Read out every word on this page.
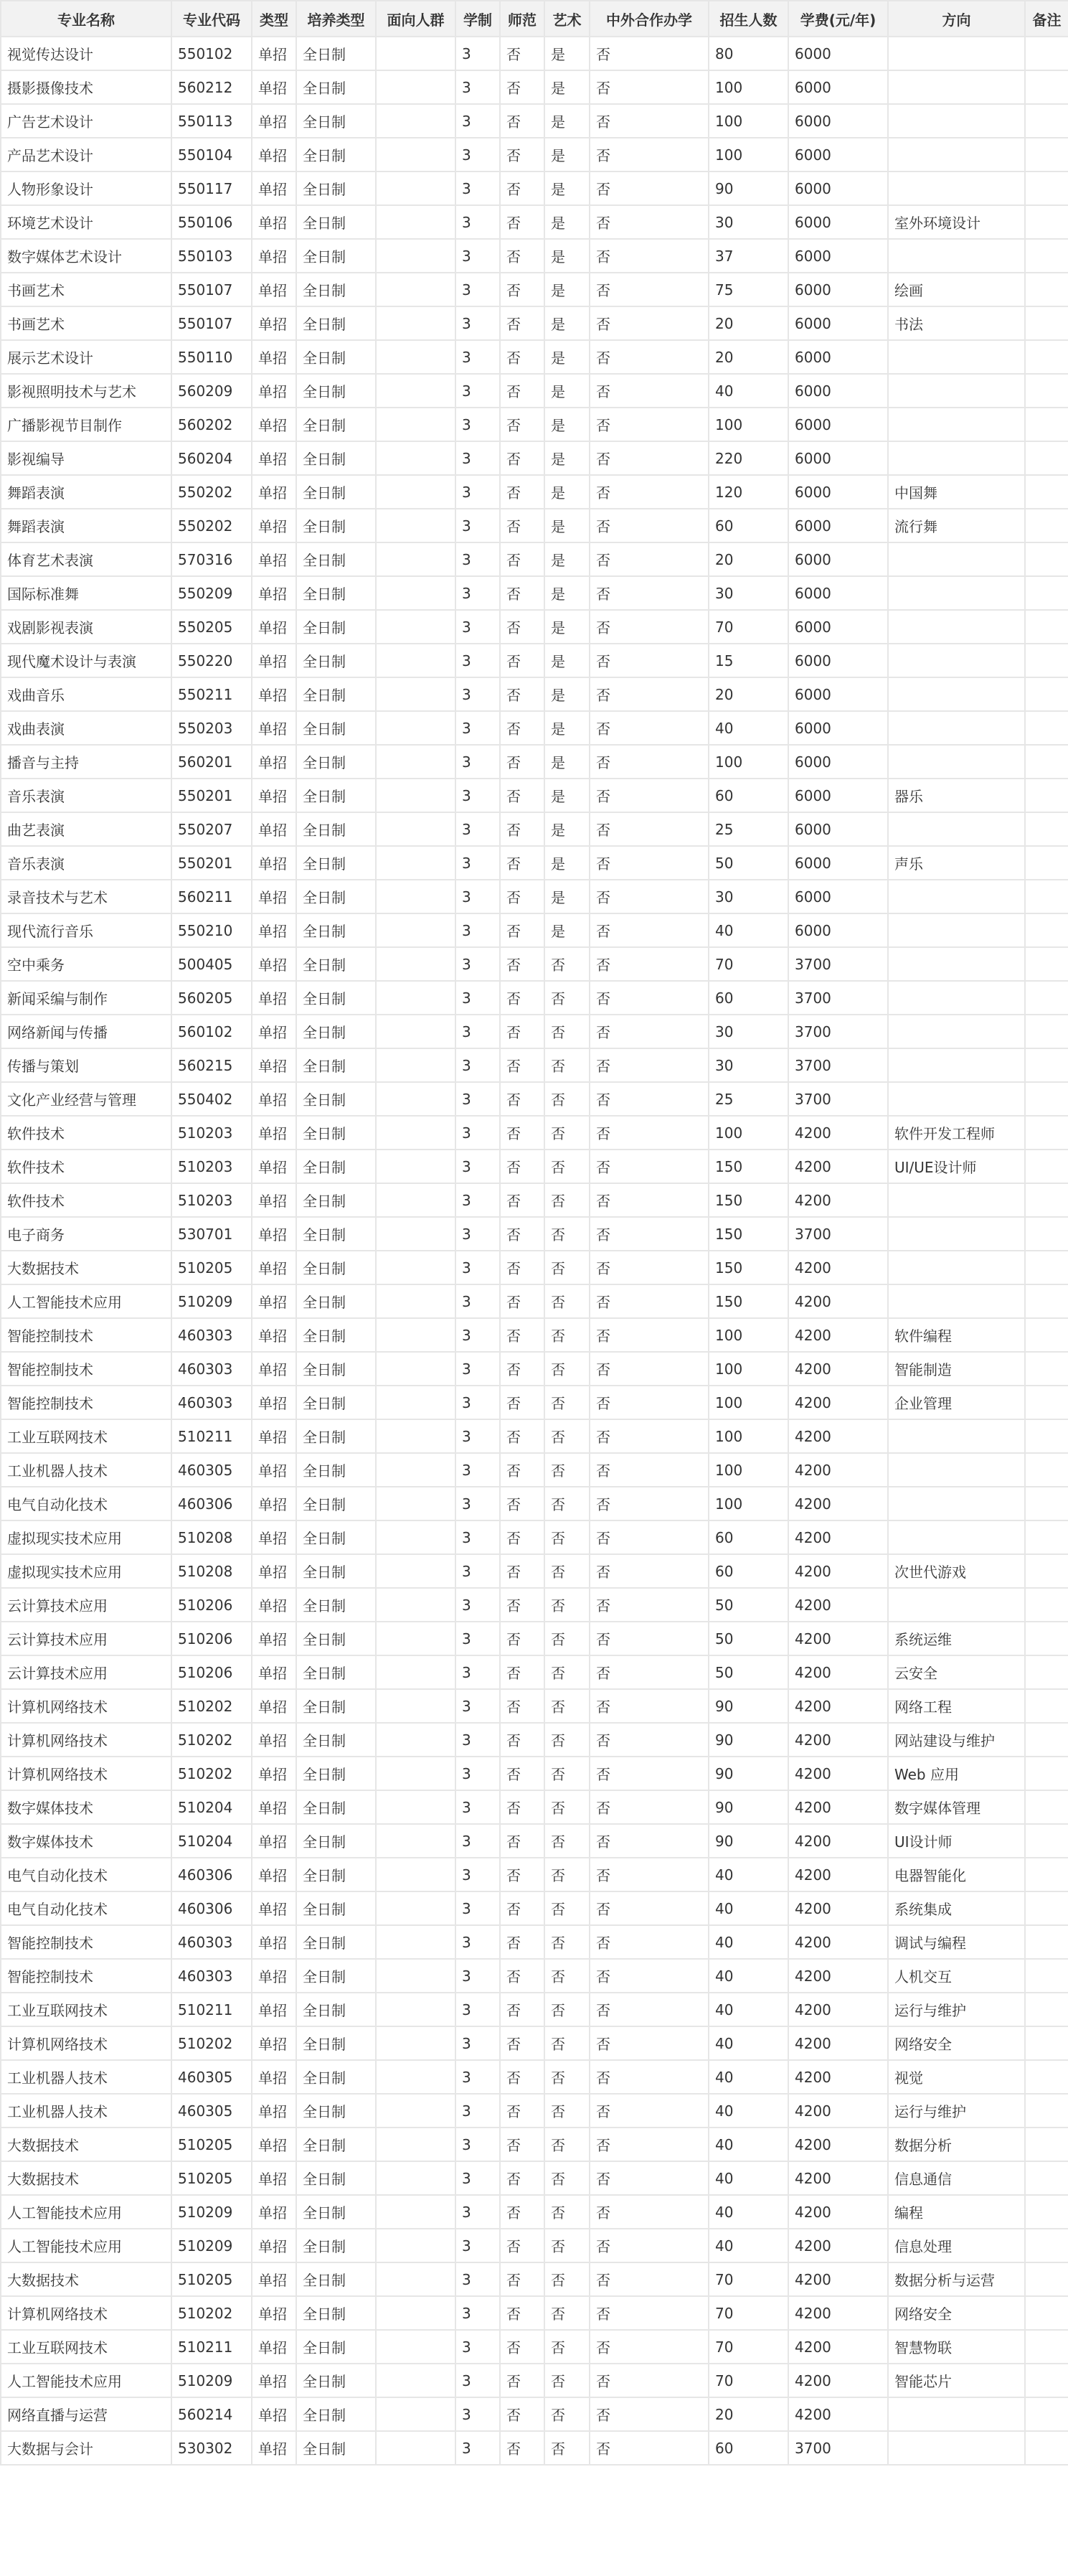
专业名称	专业代码	类型	培养类型	面向人群	学制	师范	艺术	中外合作办学	招生人数	学费(元/年)	方向	备注
视觉传达设计	550102	单招	全日制		3	否	是	否	80	6000		
摄影摄像技术	560212	单招	全日制		3	否	是	否	100	6000		
广告艺术设计	550113	单招	全日制		3	否	是	否	100	6000		
产品艺术设计	550104	单招	全日制		3	否	是	否	100	6000		
人物形象设计	550117	单招	全日制		3	否	是	否	90	6000		
环境艺术设计	550106	单招	全日制		3	否	是	否	30	6000	室外环境设计	
数字媒体艺术设计	550103	单招	全日制		3	否	是	否	37	6000		
书画艺术	550107	单招	全日制		3	否	是	否	75	6000	绘画	
书画艺术	550107	单招	全日制		3	否	是	否	20	6000	书法	
展示艺术设计	550110	单招	全日制		3	否	是	否	20	6000		
影视照明技术与艺术	560209	单招	全日制		3	否	是	否	40	6000		
广播影视节目制作	560202	单招	全日制		3	否	是	否	100	6000		
影视编导	560204	单招	全日制		3	否	是	否	220	6000		
舞蹈表演	550202	单招	全日制		3	否	是	否	120	6000	中国舞	
舞蹈表演	550202	单招	全日制		3	否	是	否	60	6000	流行舞	
体育艺术表演	570316	单招	全日制		3	否	是	否	20	6000		
国际标准舞	550209	单招	全日制		3	否	是	否	30	6000		
戏剧影视表演	550205	单招	全日制		3	否	是	否	70	6000		
现代魔术设计与表演	550220	单招	全日制		3	否	是	否	15	6000		
戏曲音乐	550211	单招	全日制		3	否	是	否	20	6000		
戏曲表演	550203	单招	全日制		3	否	是	否	40	6000		
播音与主持	560201	单招	全日制		3	否	是	否	100	6000		
音乐表演	550201	单招	全日制		3	否	是	否	60	6000	器乐	
曲艺表演	550207	单招	全日制		3	否	是	否	25	6000		
音乐表演	550201	单招	全日制		3	否	是	否	50	6000	声乐	
录音技术与艺术	560211	单招	全日制		3	否	是	否	30	6000		
现代流行音乐	550210	单招	全日制		3	否	是	否	40	6000		
空中乘务	500405	单招	全日制		3	否	否	否	70	3700		
新闻采编与制作	560205	单招	全日制		3	否	否	否	60	3700		
网络新闻与传播	560102	单招	全日制		3	否	否	否	30	3700		
传播与策划	560215	单招	全日制		3	否	否	否	30	3700		
文化产业经营与管理	550402	单招	全日制		3	否	否	否	25	3700		
软件技术	510203	单招	全日制		3	否	否	否	100	4200	软件开发工程师	
软件技术	510203	单招	全日制		3	否	否	否	150	4200	UI/UE设计师	
软件技术	510203	单招	全日制		3	否	否	否	150	4200		
电子商务	530701	单招	全日制		3	否	否	否	150	3700		
大数据技术	510205	单招	全日制		3	否	否	否	150	4200		
人工智能技术应用	510209	单招	全日制		3	否	否	否	150	4200		
智能控制技术	460303	单招	全日制		3	否	否	否	100	4200	软件编程	
智能控制技术	460303	单招	全日制		3	否	否	否	100	4200	智能制造	
智能控制技术	460303	单招	全日制		3	否	否	否	100	4200	企业管理	
工业互联网技术	510211	单招	全日制		3	否	否	否	100	4200		
工业机器人技术	460305	单招	全日制		3	否	否	否	100	4200		
电气自动化技术	460306	单招	全日制		3	否	否	否	100	4200		
虚拟现实技术应用	510208	单招	全日制		3	否	否	否	60	4200		
虚拟现实技术应用	510208	单招	全日制		3	否	否	否	60	4200	次世代游戏	
云计算技术应用	510206	单招	全日制		3	否	否	否	50	4200		
云计算技术应用	510206	单招	全日制		3	否	否	否	50	4200	系统运维	
云计算技术应用	510206	单招	全日制		3	否	否	否	50	4200	云安全	
计算机网络技术	510202	单招	全日制		3	否	否	否	90	4200	网络工程	
计算机网络技术	510202	单招	全日制		3	否	否	否	90	4200	网站建设与维护	
计算机网络技术	510202	单招	全日制		3	否	否	否	90	4200	Web 应用	
数字媒体技术	510204	单招	全日制		3	否	否	否	90	4200	数字媒体管理	
数字媒体技术	510204	单招	全日制		3	否	否	否	90	4200	UI设计师	
电气自动化技术	460306	单招	全日制		3	否	否	否	40	4200	电器智能化	
电气自动化技术	460306	单招	全日制		3	否	否	否	40	4200	系统集成	
智能控制技术	460303	单招	全日制		3	否	否	否	40	4200	调试与编程	
智能控制技术	460303	单招	全日制		3	否	否	否	40	4200	人机交互	
工业互联网技术	510211	单招	全日制		3	否	否	否	40	4200	运行与维护	
计算机网络技术	510202	单招	全日制		3	否	否	否	40	4200	网络安全	
工业机器人技术	460305	单招	全日制		3	否	否	否	40	4200	视觉	
工业机器人技术	460305	单招	全日制		3	否	否	否	40	4200	运行与维护	
大数据技术	510205	单招	全日制		3	否	否	否	40	4200	数据分析	
大数据技术	510205	单招	全日制		3	否	否	否	40	4200	信息通信	
人工智能技术应用	510209	单招	全日制		3	否	否	否	40	4200	编程	
人工智能技术应用	510209	单招	全日制		3	否	否	否	40	4200	信息处理	
大数据技术	510205	单招	全日制		3	否	否	否	70	4200	数据分析与运营	
计算机网络技术	510202	单招	全日制		3	否	否	否	70	4200	网络安全	
工业互联网技术	510211	单招	全日制		3	否	否	否	70	4200	智慧物联	
人工智能技术应用	510209	单招	全日制		3	否	否	否	70	4200	智能芯片	
网络直播与运营	560214	单招	全日制		3	否	否	否	20	4200		
大数据与会计	530302	单招	全日制		3	否	否	否	60	3700		
